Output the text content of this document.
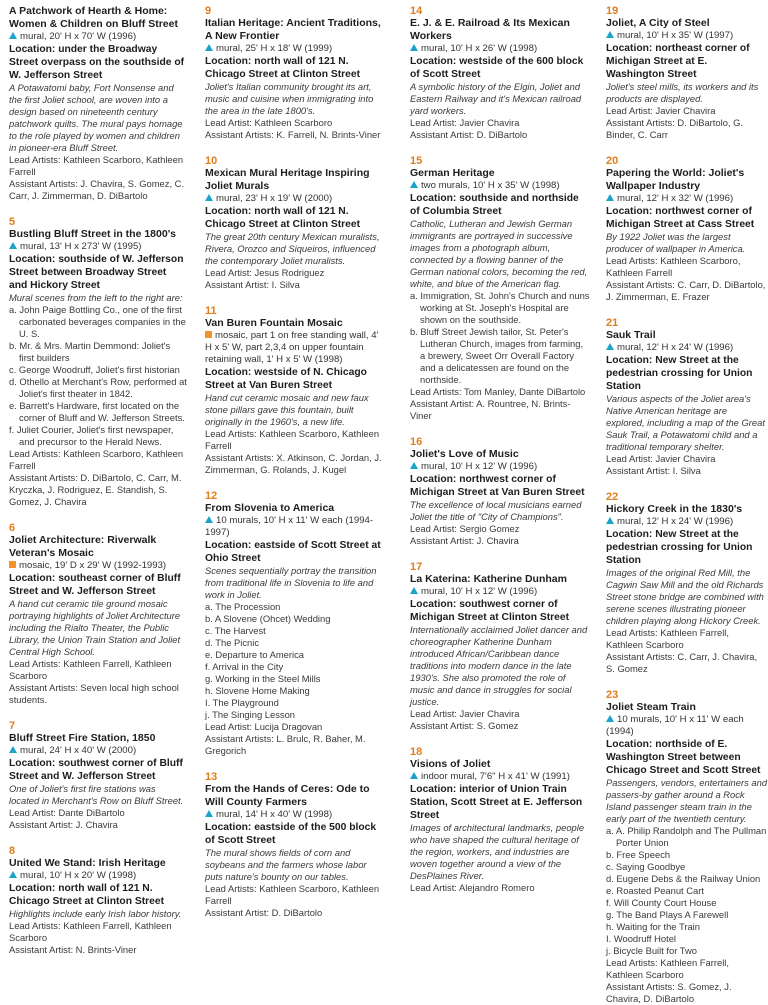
A Patchwork of Hearth & Home: Women & Children on Bluff Street
mural, 20' H x 70' W (1996)
Location: under the Broadway Street overpass on the southside of W. Jefferson Street
A Potawatomi baby, Fort Nonsense and the first Joliet school, are woven into a design based on nineteenth century patchwork quilts. The mural pays homage to the role played by women and children in pioneer-era Bluff Street.
Lead Artists: Kathleen Scarboro, Kathleen Farrell
Assistant Artists: J. Chavira, S. Gomez, C. Carr, J. Zimmerman, D. DiBartolo
5
Bustling Bluff Street in the 1800's
mural, 13' H x 273' W (1995)
Location: southside of W. Jefferson Street between Broadway Street and Hickory Street
Mural scenes from the left to the right are:
a. John Paige Bottling Co., one of the first carbonated beverages companies in the U. S.
b. Mr. & Mrs. Martin Demmond: Joliet's first builders
c. George Woodruff, Joliet's first historian
d. Othello at Merchant's Row, performed at Joliet's first theater in 1842.
e. Barrett's Hardware, first located on the corner of Bluff and W. Jefferson Streets.
f. Juliet Courier, Joliet's first newspaper, and precursor to the Herald News.
Lead Artists: Kathleen Scarboro, Kathleen Farrell
Assistant Artists: D. DiBartolo, C. Carr, M. Kryczka, J. Rodriguez, E. Standish, S. Gomez, J. Chavira
6
Joliet Architecture: Riverwalk Veteran's Mosaic
mosaic, 19' D x 29' W (1992-1993)
Location: southeast corner of Bluff Street and W. Jefferson Street
A hand cut ceramic tile ground mosaic portraying highlights of Joliet Architecture including the Rialto Theater, the Public Library, the Union Train Station and Joliet Central High School.
Lead Artists: Kathleen Farrell, Kathleen Scarboro
Assistant Artists: Seven local high school students.
7
Bluff Street Fire Station, 1850
mural, 24' H x 40' W (2000)
Location: southwest corner of Bluff Street and W. Jefferson Street
One of Joliet's first fire stations was located in Merchant's Row on Bluff Street.
Lead Artist: Dante DiBartolo
Assistant Artist: J. Chavira
8
United We Stand: Irish Heritage
mural, 10' H x 20' W (1998)
Location: north wall of 121 N. Chicago Street at Clinton Street
Highlights include early Irish labor history.
Lead Artists: Kathleen Farrell, Kathleen Scarboro
Assistant Artist: N. Brints-Viner
9
Italian Heritage: Ancient Traditions, A New Frontier
mural, 25' H x 18' W (1999)
Location: north wall of 121 N. Chicago Street at Clinton Street
Joliet's Italian community brought its art, music and cuisine when immigrating into the area in the late 1800's.
Lead Artist: Kathleen Scarboro
Assistant Artists: K. Farrell, N. Brints-Viner
10
Mexican Mural Heritage Inspiring Joliet Murals
mural, 23' H x 19' W (2000)
Location: north wall of 121 N. Chicago Street at Clinton Street
The great 20th century Mexican muralists, Rivera, Orozco and Siqueiros, influenced the contemporary Joliet muralists.
Lead Artist: Jesus Rodriguez
Assistant Artist: I. Silva
11
Van Buren Fountain Mosaic
mosaic, part 1 on free standing wall, 4' H x 5' W, part 2,3,4 on upper fountain retaining wall, 1' H x 5' W (1998)
Location: westside of N. Chicago Street at Van Buren Street
Hand cut ceramic mosaic and new faux stone pillars gave this fountain, built originally in the 1960's, a new life.
Lead Artists: Kathleen Scarboro, Kathleen Farrell
Assistant Artists: X. Atkinson, C. Jordan, J. Zimmerman, G. Rolands, J. Kugel
12
From Slovenia to America
10 murals, 10' H x 11' W each (1994-1997)
Location: eastside of Scott Street at Ohio Street
Scenes sequentially portray the transition from traditional life in Slovenia to life and work in Joliet.
a. The Procession
b. A Slovene (Ohcet) Wedding
c. The Harvest
d. The Picnic
e. Departure to America
f. Arrival in the City
g. Working in the Steel Mills
h. Slovene Home Making
I. The Playground
j. The Singing Lesson
Lead Artist: Lucija Dragovan
Assistant Artists: L. Brulc, R. Baher, M. Gregorich
13
From the Hands of Ceres: Ode to Will County Farmers
mural, 14' H x 40' W (1998)
Location: eastside of the 500 block of Scott Street
The mural shows fields of corn and soybeans and the farmers whose labor puts nature's bounty on our tables.
Lead Artists: Kathleen Scarboro, Kathleen Farrell
Assistant Artist: D. DiBartolo
14
E. J. & E. Railroad & Its Mexican Workers
mural, 10' H x 26' W (1998)
Location: westside of the 600 block of Scott Street
A symbolic history of the Elgin, Joliet and Eastern Railway and it's Mexican railroad yard workers.
Lead Artist: Javier Chavira
Assistant Artist: D. DiBartolo
15
German Heritage
two murals, 10' H x 35' W (1998)
Location: southside and northside of Columbia Street
Catholic, Lutheran and Jewish German immigrants are portrayed in successive images from a photograph album, connected by a flowing banner of the German national colors, becoming the red, white, and blue of the American flag.
a. Immigration, St. John's Church and nuns working at St. Joseph's Hospital are shown on the southside.
b. Bluff Street Jewish tailor, St. Peter's Lutheran Church, images from farming, a brewery, Sweet Orr Overall Factory and a delicatessen are found on the northside.
Lead Artists: Tom Manley, Dante DiBartolo
Assistant Artist: A. Rountree, N. Brints-Viner
16
Joliet's Love of Music
mural, 10' H x 12' W (1996)
Location: northwest corner of Michigan Street at Van Buren Street
The excellence of local musicians earned Joliet the title of "City of Champions".
Lead Artist: Sergio Gomez
Assistant Artist: J. Chavira
17
La Katerina: Katherine Dunham
mural, 10' H x 12' W (1996)
Location: southwest corner of Michigan Street at Clinton Street
Internationally acclaimed Joliet dancer and choreographer Katherine Dunham introduced African/Caribbean dance traditions into modern dance in the late 1930's. She also promoted the role of music and dance in struggles for social justice.
Lead Artist: Javier Chavira
Assistant Artist: S. Gomez
18
Visions of Joliet
indoor mural, 7'6" H x 41' W (1991)
Location: interior of Union Train Station, Scott Street at E. Jefferson Street
Images of architectural landmarks, people who have shaped the cultural heritage of the region, workers, and industries are woven together around a view of the DesPlaines River.
Lead Artist: Alejandro Romero
19
Joliet, A City of Steel
mural, 10' H x 35' W (1997)
Location: northeast corner of Michigan Street at E. Washington Street
Joliet's steel mills, its workers and its products are displayed.
Lead Artist: Javier Chavira
Assistant Artists: D. DiBartolo, G. Binder, C. Carr
20
Papering the World: Joliet's Wallpaper Industry
mural, 12' H x 32' W (1996)
Location: northwest corner of Michigan Street at Cass Street
By 1922 Joliet was the largest producer of wallpaper in America.
Lead Artists: Kathleen Scarboro, Kathleen Farrell
Assistant Artists: C. Carr, D. DiBartolo, J. Zimmerman, E. Frazer
21
Sauk Trail
mural, 12' H x 24' W (1996)
Location: New Street at the pedestrian crossing for Union Station
Various aspects of the Joliet area's Native American heritage are explored, including a map of the Great Sauk Trail, a Potawatomi child and a traditional temporary shelter.
Lead Artist: Javier Chavira
Assistant Artist: I. Silva
22
Hickory Creek in the 1830's
mural, 12' H x 24' W (1996)
Location: New Street at the pedestrian crossing for Union Station
Images of the original Red Mill, the Cagwin Saw Mill and the old Richards Street stone bridge are combined with serene scenes illustrating pioneer children playing along Hickory Creek.
Lead Artists: Kathleen Farrell, Kathleen Scarboro
Assistant Artists: C. Carr, J. Chavira, S. Gomez
23
Joliet Steam Train
10 murals, 10' H x 11' W each (1994)
Location: northside of E. Washington Street between Chicago Street and Scott Street
Passengers, vendors, entertainers and passers-by gather around a Rock Island passenger steam train in the early part of the twentieth century.
a. A. Philip Randolph and The Pullman Porter Union
b. Free Speech
c. Saying Goodbye
d. Eugene Debs & the Railway Union
e. Roasted Peanut Cart
f. Will County Court House
g. The Band Plays A Farewell
h. Waiting for the Train
I. Woodruff Hotel
j. Bicycle Built for Two
Lead Artists: Kathleen Farrell, Kathleen Scarboro
Assistant Artists: S. Gomez, J. Chavira, D. DiBartolo
